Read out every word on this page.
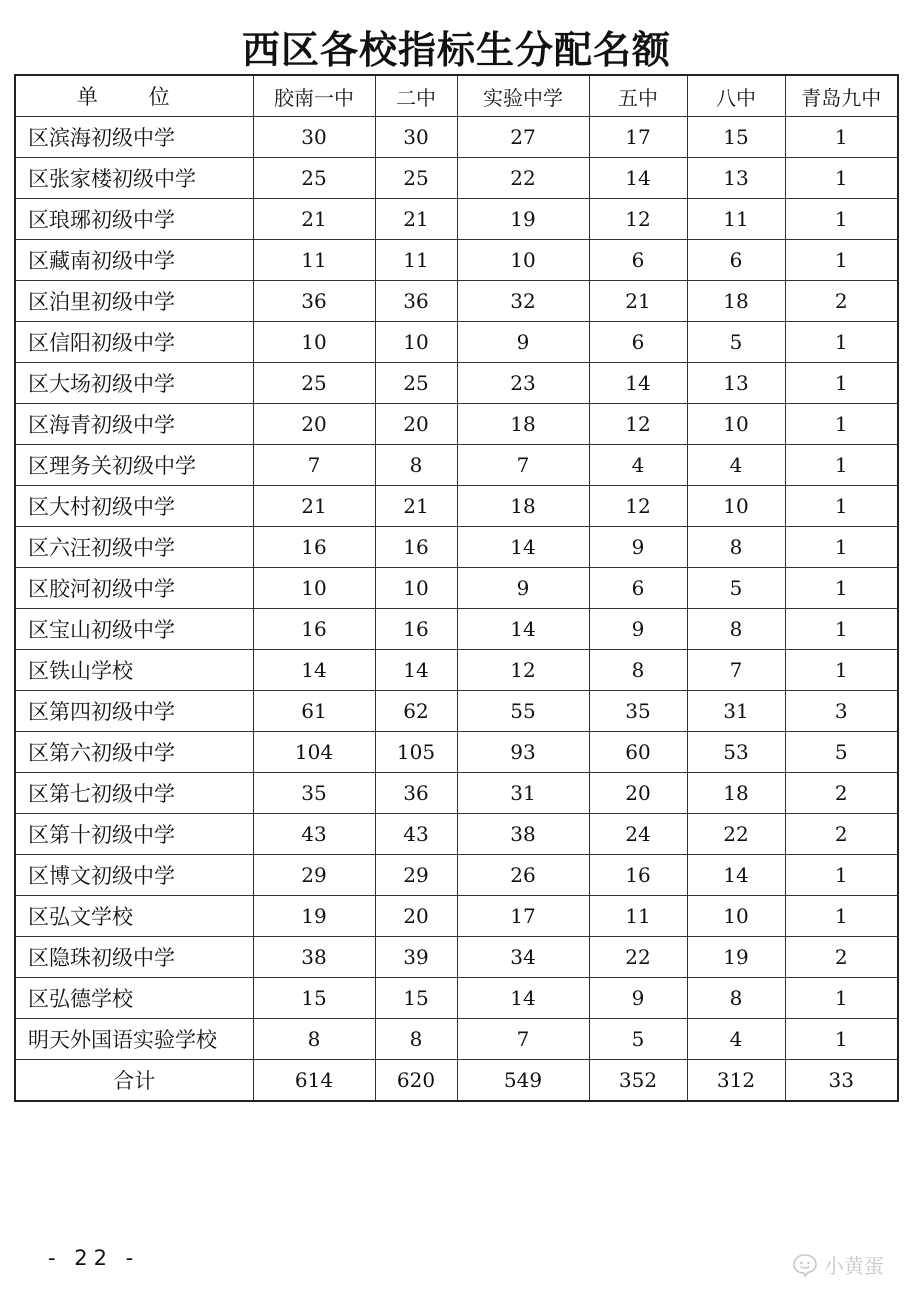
西区各校指标生分配名额
单 位	胶南一中	二中	实验中学	五中	八中	青岛九中
区滨海初级中学	30	30	27	17	15	1
区张家楼初级中学	25	25	22	14	13	1
区琅琊初级中学	21	21	19	12	11	1
区藏南初级中学	11	11	10	6	6	1
区泊里初级中学	36	36	32	21	18	2
区信阳初级中学	10	10	9	6	5	1
区大场初级中学	25	25	23	14	13	1
区海青初级中学	20	20	18	12	10	1
区理务关初级中学	7	8	7	4	4	1
区大村初级中学	21	21	18	12	10	1
区六汪初级中学	16	16	14	9	8	1
区胶河初级中学	10	10	9	6	5	1
区宝山初级中学	16	16	14	9	8	1
区铁山学校	14	14	12	8	7	1
区第四初级中学	61	62	55	35	31	3
区第六初级中学	104	105	93	60	53	5
区第七初级中学	35	36	31	20	18	2
区第十初级中学	43	43	38	24	22	2
区博文初级中学	29	29	26	16	14	1
区弘文学校	19	20	17	11	10	1
区隐珠初级中学	38	39	34	22	19	2
区弘德学校	15	15	14	9	8	1
明天外国语实验学校	8	8	7	5	4	1
合计	614	620	549	352	312	33
- 22 -	小黄蛋
